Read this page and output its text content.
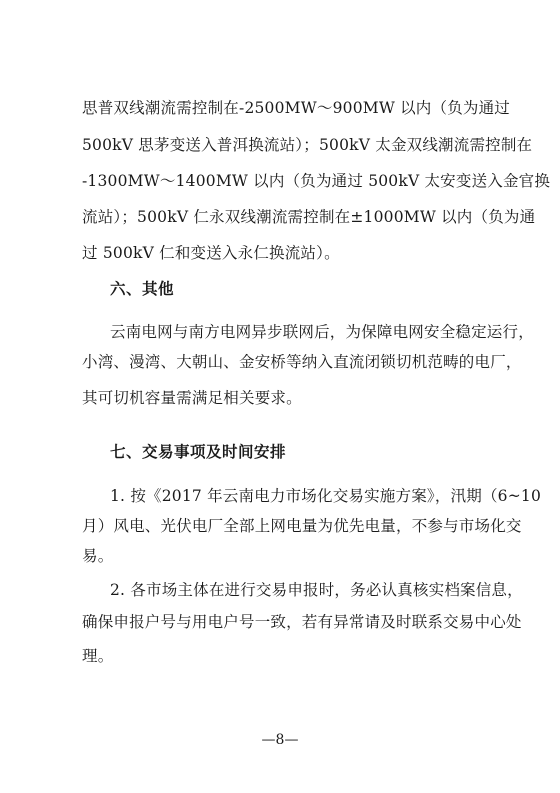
思普双线潮流需控制在-2500MW～900MW 以内（负为通过
500kV 思茅变送入普洱换流站）；500kV 太金双线潮流需控制在
-1300MW～1400MW 以内（负为通过 500kV 太安变送入金官换
流站）；500kV 仁永双线潮流需控制在±1000MW 以内（负为通
过 500kV 仁和变送入永仁换流站）。
六、其他
云南电网与南方电网异步联网后，为保障电网安全稳定运行，
小湾、漫湾、大朝山、金安桥等纳入直流闭锁切机范畴的电厂，
其可切机容量需满足相关要求。
七、交易事项及时间安排
1. 按《2017 年云南电力市场化交易实施方案》，汛期（6~10
月）风电、光伏电厂全部上网电量为优先电量，不参与市场化交
易。
2. 各市场主体在进行交易申报时，务必认真核实档案信息，
确保申报户号与用电户号一致，若有异常请及时联系交易中心处
理。
—8—
